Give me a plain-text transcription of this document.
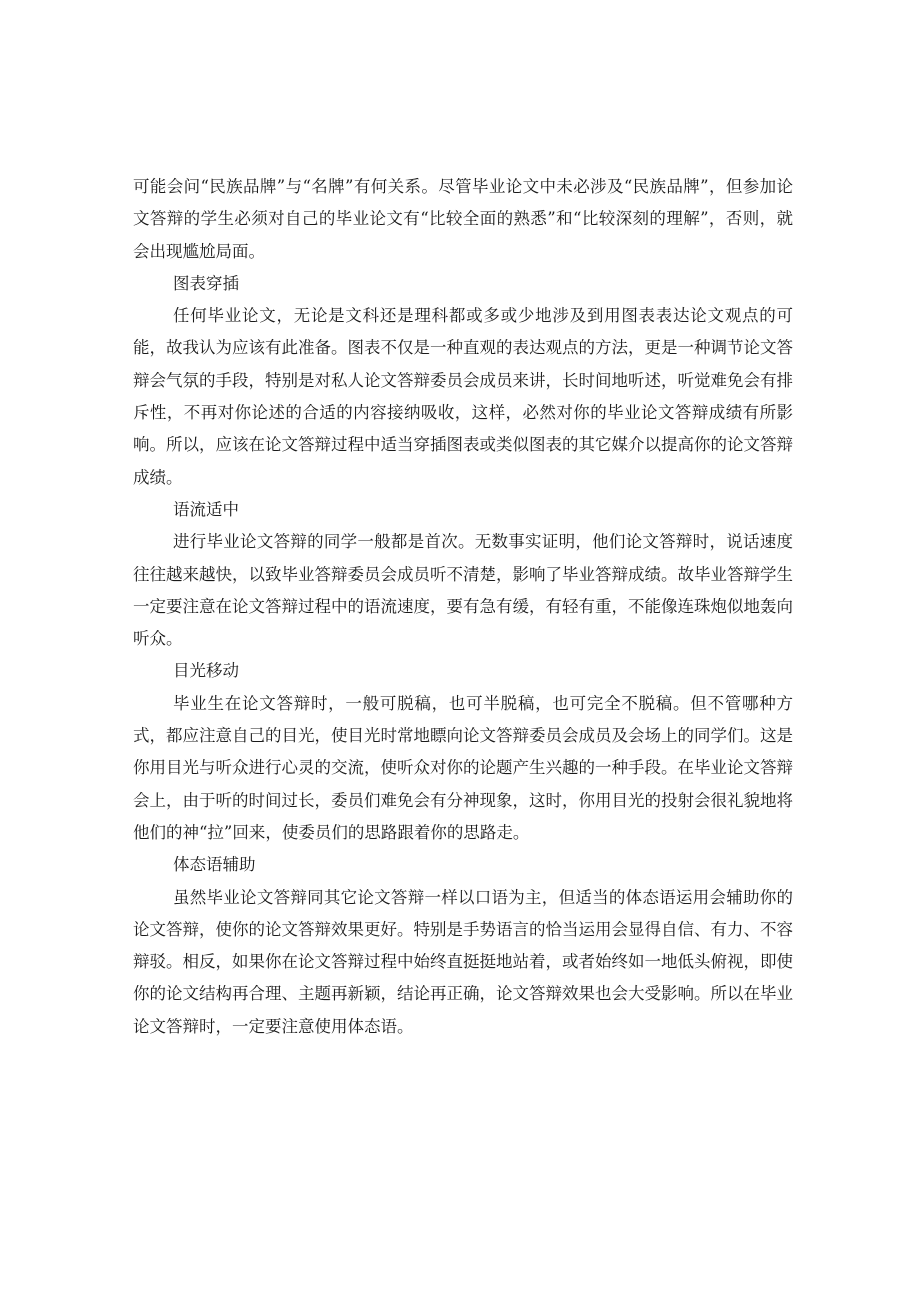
可能会问“民族品牌”与“名牌”有何关系。尽管毕业论文中未必涉及“民族品牌”，但参加论文答辩的学生必须对自己的毕业论文有“比较全面的熟悉”和“比较深刻的理解”，否则，就会出现尴尬局面。

图表穿插

任何毕业论文，无论是文科还是理科都或多或少地涉及到用图表表达论文观点的可能，故我认为应该有此准备。图表不仅是一种直观的表达观点的方法，更是一种调节论文答辩会气氛的手段，特别是对私人论文答辩委员会成员来讲，长时间地听述，听觉难免会有排斥性，不再对你论述的合适的内容接纳吸收，这样，必然对你的毕业论文答辩成绩有所影响。所以，应该在论文答辩过程中适当穿插图表或类似图表的其它媒介以提高你的论文答辩成绩。

语流适中

进行毕业论文答辩的同学一般都是首次。无数事实证明，他们论文答辩时，说话速度往往越来越快，以致毕业答辩委员会成员听不清楚，影响了毕业答辩成绩。故毕业答辩学生一定要注意在论文答辩过程中的语流速度，要有急有缓，有轻有重，不能像连珠炮似地轰向听众。

目光移动

毕业生在论文答辩时，一般可脱稿，也可半脱稿，也可完全不脱稿。但不管哪种方式，都应注意自己的目光，使目光时常地瞟向论文答辩委员会成员及会场上的同学们。这是你用目光与听众进行心灵的交流，使听众对你的论题产生兴趣的一种手段。在毕业论文答辩会上，由于听的时间过长，委员们难免会有分神现象，这时，你用目光的投射会很礼貌地将他们的神“拉”回来，使委员们的思路跟着你的思路走。

体态语辅助

虽然毕业论文答辩同其它论文答辩一样以口语为主，但适当的体态语运用会辅助你的论文答辩，使你的论文答辩效果更好。特别是手势语言的恰当运用会显得自信、有力、不容辩驳。相反，如果你在论文答辩过程中始终直挺挺地站着，或者始终如一地低头俯视，即使你的论文结构再合理、主题再新颖，结论再正确，论文答辩效果也会大受影响。所以在毕业论文答辩时，一定要注意使用体态语。
